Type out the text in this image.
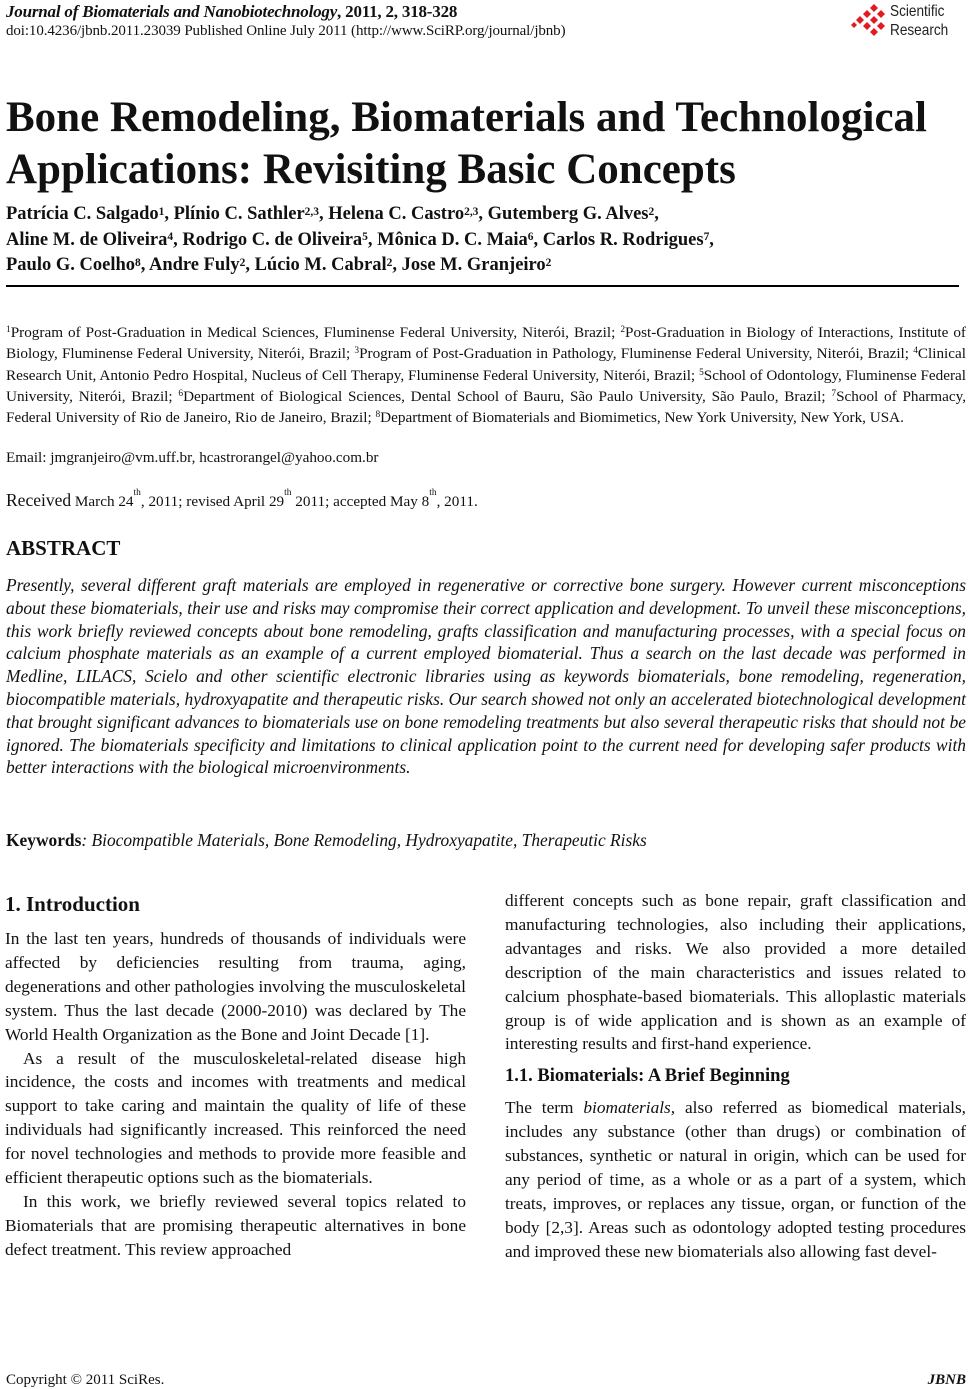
Journal of Biomaterials and Nanobiotechnology, 2011, 2, 318-328
doi:10.4236/jbnb.2011.23039 Published Online July 2011 (http://www.SciRP.org/journal/jbnb)
Scientific
Research
Bone Remodeling, Biomaterials and Technological
Applications: Revisiting Basic Concepts
Patrícia C. Salgado$^1$, Plínio C. Sathler$^{2,3}$, Helena C. Castro$^{2,3}$, Gutemberg G. Alves$^2$,
Aline M. de Oliveira$^4$, Rodrigo C. de Oliveira$^5$, Mônica D. C. Maia$^6$, Carlos R. Rodrigues$^7$,
Paulo G. Coelho$^8$, Andre Fuly$^2$, Lúcio M. Cabral$^2$, Jose M. Granjeiro$^2$
$^1$Program of Post-Graduation in Medical Sciences, Fluminense Federal University, Niterói, Brazil; $^2$Post-Graduation in Biology of Interactions, Institute of Biology, Fluminense Federal University, Niterói, Brazil; $^3$Program of Post-Graduation in Pathology, Fluminense Federal University, Niterói, Brazil; $^4$Clinical Research Unit, Antonio Pedro Hospital, Nucleus of Cell Therapy, Fluminense Federal University, Niterói, Brazil; $^5$School of Odontology, Fluminense Federal University, Niterói, Brazil; $^6$Department of Biological Sciences, Dental School of Bauru, São Paulo University, São Paulo, Brazil; $^7$School of Pharmacy, Federal University of Rio de Janeiro, Rio de Janeiro, Brazil; $^8$Department of Biomaterials and Biomimetics, New York University, New York, USA.
Email: jmgranjeiro@vm.uff.br, hcastrorangel@yahoo.com.br
Received March 24th, 2011; revised April 29th 2011; accepted May 8th, 2011.
ABSTRACT
Presently, several different graft materials are employed in regenerative or corrective bone surgery. However current misconceptions about these biomaterials, their use and risks may compromise their correct application and development. To unveil these misconceptions, this work briefly reviewed concepts about bone remodeling, grafts classification and manufacturing processes, with a special focus on calcium phosphate materials as an example of a current employed biomaterial. Thus a search on the last decade was performed in Medline, LILACS, Scielo and other scientific electronic libraries using as keywords biomaterials, bone remodeling, regeneration, biocompatible materials, hydroxyapatite and therapeutic risks. Our search showed not only an accelerated biotechnological development that brought significant advances to biomaterials use on bone remodeling treatments but also several therapeutic risks that should not be ignored. The biomaterials specificity and limitations to clinical application point to the current need for developing safer products with better interactions with the biological microenvironments.
Keywords: Biocompatible Materials, Bone Remodeling, Hydroxyapatite, Therapeutic Risks
1. Introduction

In the last ten years, hundreds of thousands of individuals were affected by deficiencies resulting from trauma, aging, degenerations and other pathologies involving the musculoskeletal system. Thus the last decade (2000-2010) was declared by The World Health Organization as the Bone and Joint Decade [1].

As a result of the musculoskeletal-related disease high incidence, the costs and incomes with treatments and medical support to take caring and maintain the quality of life of these individuals had significantly increased. This reinforced the need for novel technologies and methods to provide more feasible and efficient therapeutic options such as the biomaterials.

In this work, we briefly reviewed several topics related to Biomaterials that are promising therapeutic alternatives in bone defect treatment. This review approached

different concepts such as bone repair, graft classification and manufacturing technologies, also including their applications, advantages and risks. We also provided a more detailed description of the main characteristics and issues related to calcium phosphate-based biomaterials. This alloplastic materials group is of wide application and is shown as an example of interesting results and first-hand experience.

1.1. Biomaterials: A Brief Beginning

The term biomaterials, also referred as biomedical materials, includes any substance (other than drugs) or combination of substances, synthetic or natural in origin, which can be used for any period of time, as a whole or as a part of a system, which treats, improves, or replaces any tissue, organ, or function of the body [2,3]. Areas such as odontology adopted testing procedures and improved these new biomaterials also allowing fast devel-

Copyright © 2011 SciRes.	JBNB
